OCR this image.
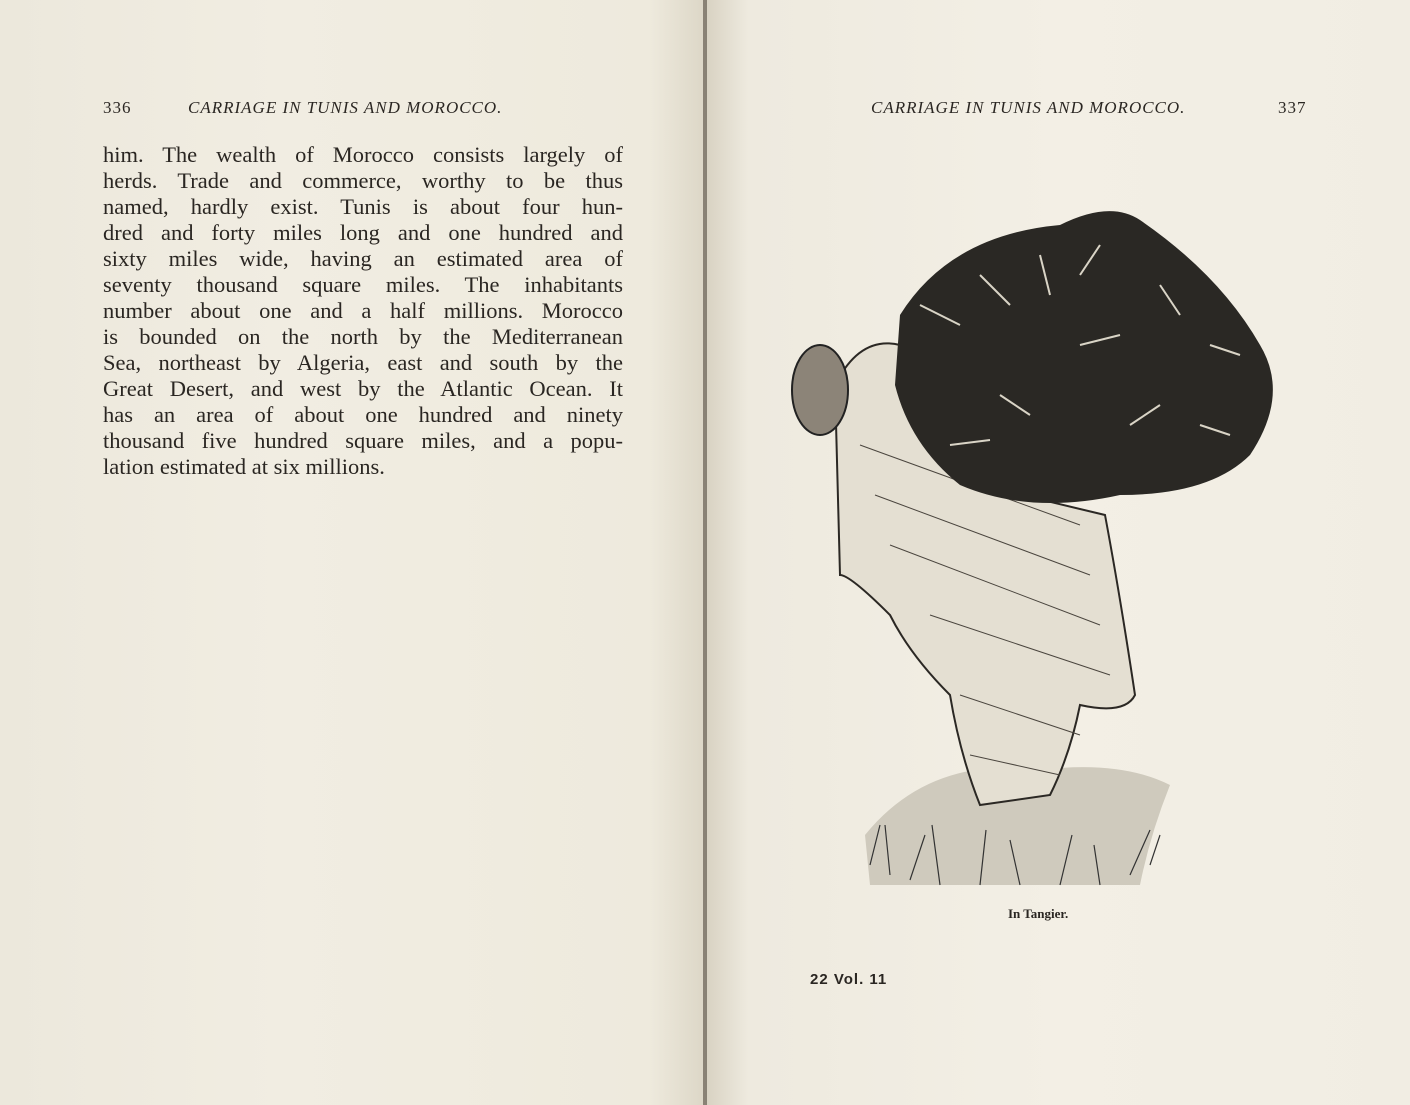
336	CARRIAGE IN TUNIS AND MOROCCO.
him. The wealth of Morocco consists largely of
herds. Trade and commerce, worthy to be thus
named, hardly exist. Tunis is about four hun-
dred and forty miles long and one hundred and
sixty miles wide, having an estimated area of
seventy thousand square miles. The inhabitants
number about one and a half millions. Morocco
is bounded on the north by the Mediterranean
Sea, northeast by Algeria, east and south by the
Great Desert, and west by the Atlantic Ocean. It
has an area of about one hundred and ninety
thousand five hundred square miles, and a popu-
lation estimated at six millions.
CARRIAGE IN TUNIS AND MOROCCO.	337
In Tangier.
22 Vol. 11
